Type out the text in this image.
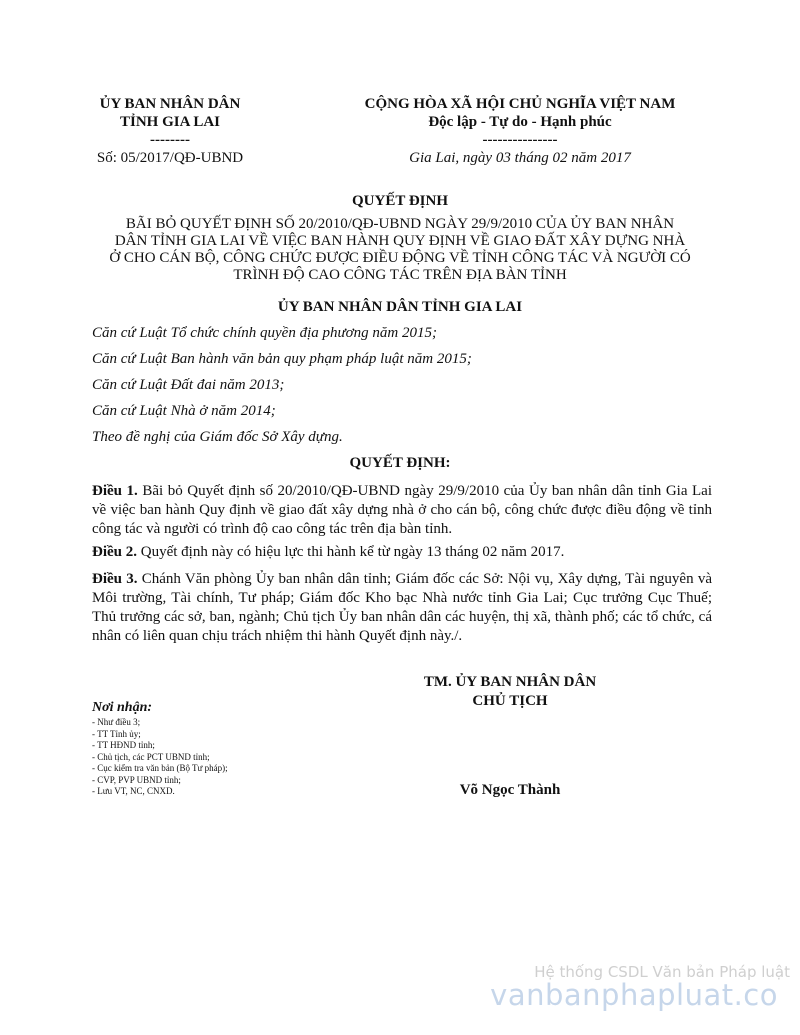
ỦY BAN NHÂN DÂN
TỈNH GIA LAI
--------
Số: 05/2017/QĐ-UBND
CỘNG HÒA XÃ HỘI CHỦ NGHĨA VIỆT NAM
Độc lập - Tự do - Hạnh phúc
---------------
Gia Lai, ngày 03 tháng 02 năm 2017
QUYẾT ĐỊNH
BÃI BỎ QUYẾT ĐỊNH SỐ 20/2010/QĐ-UBND NGÀY 29/9/2010 CỦA ỦY BAN NHÂN
DÂN TỈNH GIA LAI VỀ VIỆC BAN HÀNH QUY ĐỊNH VỀ GIAO ĐẤT XÂY DỰNG NHÀ
Ở CHO CÁN BỘ, CÔNG CHỨC ĐƯỢC ĐIỀU ĐỘNG VỀ TỈNH CÔNG TÁC VÀ NGƯỜI CÓ
TRÌNH ĐỘ CAO CÔNG TÁC TRÊN ĐỊA BÀN TỈNH
ỦY BAN NHÂN DÂN TỈNH GIA LAI
Căn cứ Luật Tổ chức chính quyền địa phương năm 2015;
Căn cứ Luật Ban hành văn bản quy phạm pháp luật năm 2015;
Căn cứ Luật Đất đai năm 2013;
Căn cứ Luật Nhà ở năm 2014;
Theo đề nghị của Giám đốc Sở Xây dựng.
QUYẾT ĐỊNH:
Điều 1. Bãi bỏ Quyết định số 20/2010/QĐ-UBND ngày 29/9/2010 của Ủy ban nhân dân tỉnh Gia Lai về việc ban hành Quy định về giao đất xây dựng nhà ở cho cán bộ, công chức được điều động về tỉnh công tác và người có trình độ cao công tác trên địa bàn tỉnh.
Điều 2. Quyết định này có hiệu lực thi hành kể từ ngày 13 tháng 02 năm 2017.
Điều 3. Chánh Văn phòng Ủy ban nhân dân tỉnh; Giám đốc các Sở: Nội vụ, Xây dựng, Tài nguyên và Môi trường, Tài chính, Tư pháp; Giám đốc Kho bạc Nhà nước tỉnh Gia Lai; Cục trưởng Cục Thuế; Thủ trưởng các sở, ban, ngành; Chủ tịch Ủy ban nhân dân các huyện, thị xã, thành phố; các tổ chức, cá nhân có liên quan chịu trách nhiệm thi hành Quyết định này./.
Nơi nhận:
- Như điều 3;
- TT Tỉnh ủy;
- TT HĐND tỉnh;
- Chủ tịch, các PCT UBND tỉnh;
- Cục kiểm tra văn bản (Bộ Tư pháp);
- CVP, PVP UBND tỉnh;
- Lưu VT, NC, CNXD.
TM. ỦY BAN NHÂN DÂN
CHỦ TỊCH
Võ Ngọc Thành
Hệ thống CSDL Văn bản Pháp luật
vanbanphapluat.co
